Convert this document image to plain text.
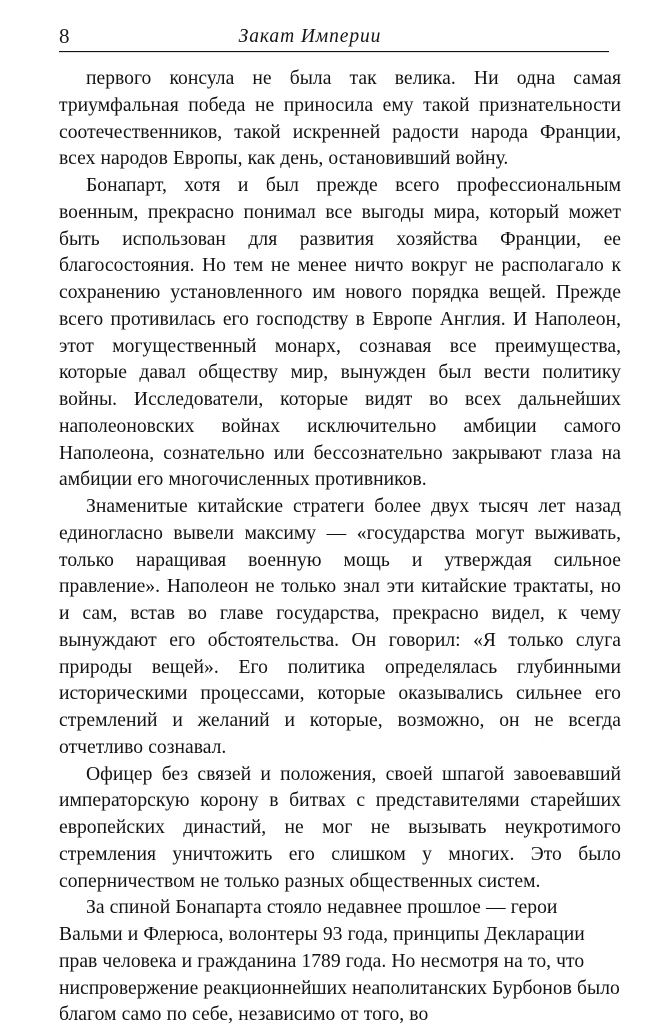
8	Закат Империи

первого консула не была так велика. Ни одна самая триумфальная победа не приносила ему такой признательности соотечественников, такой искренней радости народа Франции, всех народов Европы, как день, остановивший войну.

Бонапарт, хотя и был прежде всего профессиональным военным, прекрасно понимал все выгоды мира, который может быть использован для развития хозяйства Франции, ее благосостояния. Но тем не менее ничто вокруг не располагало к сохранению установленного им нового порядка вещей. Прежде всего противилась его господству в Европе Англия. И Наполеон, этот могущественный монарх, сознавая все преимущества, которые давал обществу мир, вынужден был вести политику войны. Исследователи, которые видят во всех дальнейших наполеоновских войнах исключительно амбиции самого Наполеона, сознательно или бессознательно закрывают глаза на амбиции его многочисленных противников.

Знаменитые китайские стратеги более двух тысяч лет назад единогласно вывели максиму — «государства могут выживать, только наращивая военную мощь и утверждая сильное правление». Наполеон не только знал эти китайские трактаты, но и сам, встав во главе государства, прекрасно видел, к чему вынуждают его обстоятельства. Он говорил: «Я только слуга природы вещей». Его политика определялась глубинными историческими процессами, которые оказывались сильнее его стремлений и желаний и которые, возможно, он не всегда отчетливо сознавал.

Офицер без связей и положения, своей шпагой завоевавший императорскую корону в битвах с представителями старейших европейских династий, не мог не вызывать неукротимого стремления уничтожить его слишком у многих. Это было соперничеством не только разных общественных систем.

За спиной Бонапарта стояло недавнее прошлое — герои Вальми и Флерюса, волонтеры 93 года, принципы Декларации прав человека и гражданина 1789 года. Но несмотря на то, что ниспровержение реакционнейших неаполитанских Бурбонов было благом само по себе, независимо от того, во
